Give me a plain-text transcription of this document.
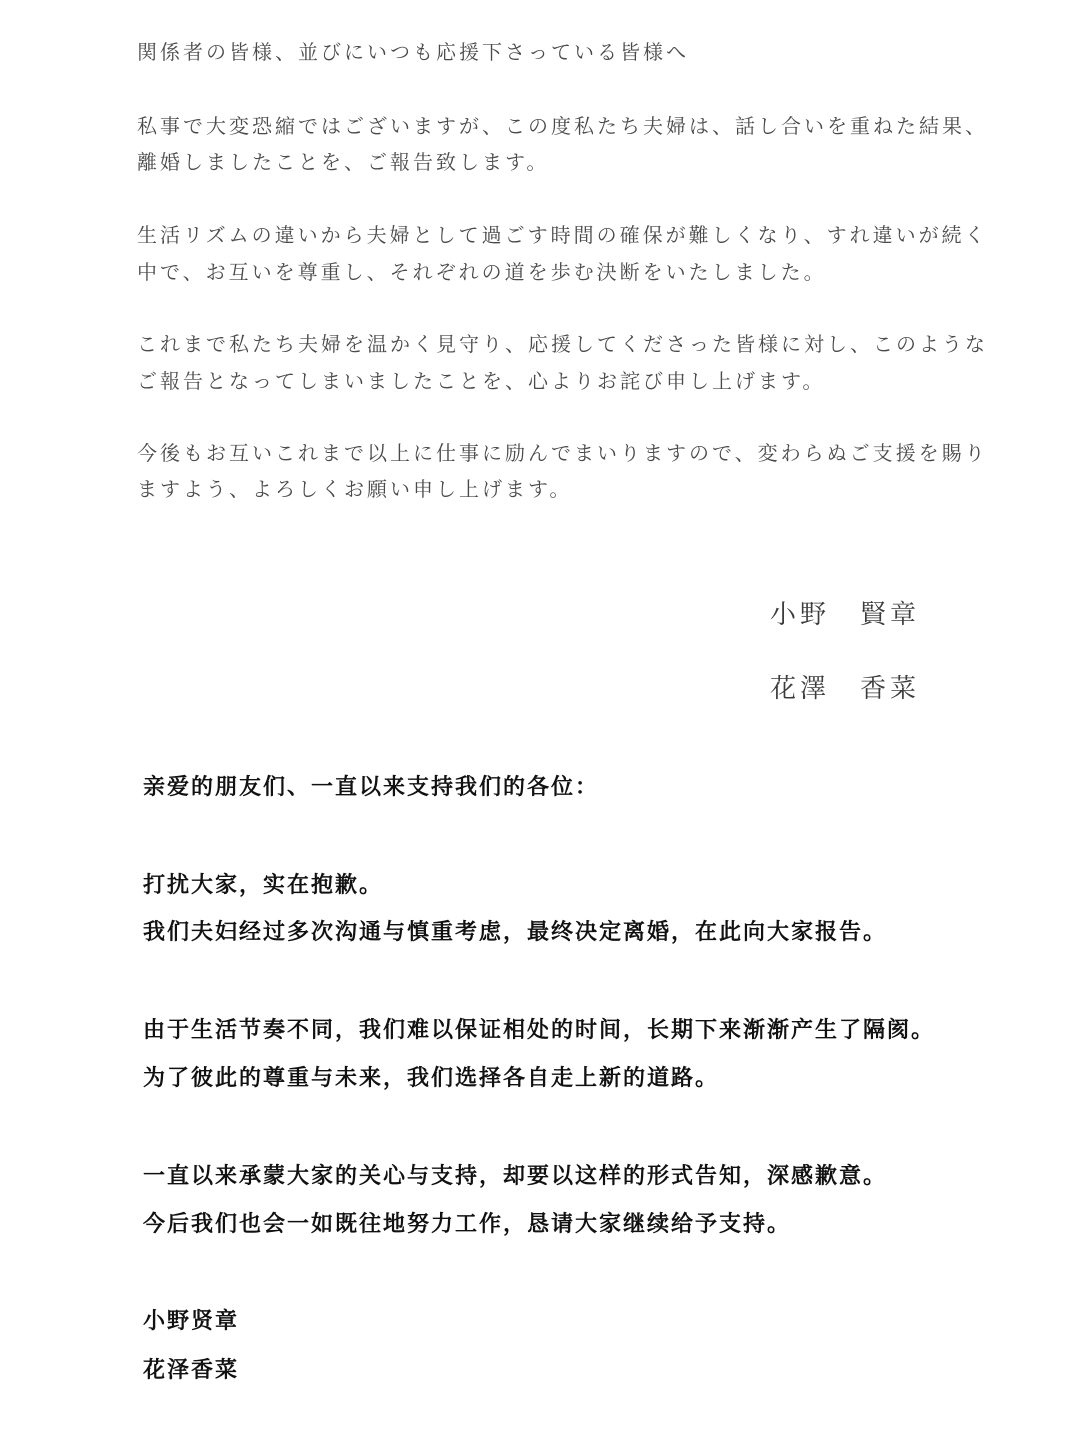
関係者の皆様、並びにいつも応援下さっている皆様へ

私事で大変恐縮ではございますが、この度私たち夫婦は、話し合いを重ねた結果、

離婚しましたことを、ご報告致します。

生活リズムの違いから夫婦として過ごす時間の確保が難しくなり、すれ違いが続く

中で、お互いを尊重し、それぞれの道を歩む決断をいたしました。

これまで私たち夫婦を温かく見守り、応援してくださった皆様に対し、このような

ご報告となってしまいましたことを、心よりお詫び申し上げます。

今後もお互いこれまで以上に仕事に励んでまいりますので、変わらぬご支援を賜り

ますよう、よろしくお願い申し上げます。

小野　賢章

花澤　香菜

亲爱的朋友们、一直以来支持我们的各位：

打扰大家，实在抱歉。

我们夫妇经过多次沟通与慎重考虑，最终决定离婚，在此向大家报告。

由于生活节奏不同，我们难以保证相处的时间，长期下来渐渐产生了隔阂。

为了彼此的尊重与未来，我们选择各自走上新的道路。

一直以来承蒙大家的关心与支持，却要以这样的形式告知，深感歉意。

今后我们也会一如既往地努力工作，恳请大家继续给予支持。

小野贤章

花泽香菜
